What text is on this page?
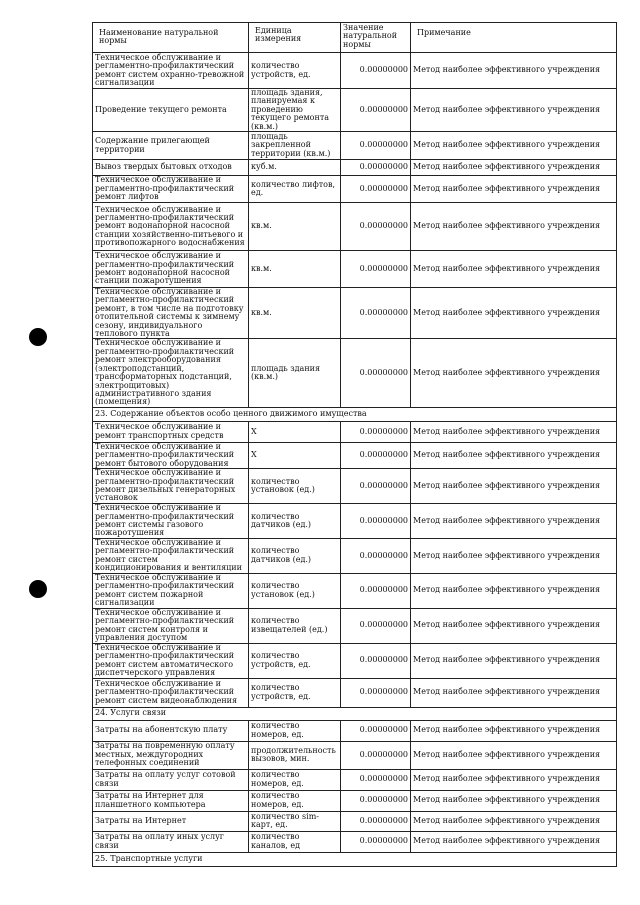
Наименование натуральной нормы	Единица измерения	Значение натуральной нормы	Примечание
Техническое обслуживание и регламентно-профилактический ремонт систем охранно-тревожной сигнализации	количество устройств, ед.	0.00000000	Метод наиболее эффективного учреждения
Проведение текущего ремонта	площадь здания, планируемая к проведению текущего ремонта (кв.м.)	0.00000000	Метод наиболее эффективного учреждения
Содержание прилегающей территории	площадь закрепленной территории (кв.м.)	0.00000000	Метод наиболее эффективного учреждения
Вывоз твердых бытовых отходов	куб.м.	0.00000000	Метод наиболее эффективного учреждения
Техническое обслуживание и регламентно-профилактический ремонт лифтов	количество лифтов, ед.	0.00000000	Метод наиболее эффективного учреждения
Техническое обслуживание и регламентно-профилактический ремонт водонапорной насосной станции хозяйственно-питьевого и противопожарного водоснабжения	кв.м.	0.00000000	Метод наиболее эффективного учреждения
Техническое обслуживание и регламентно-профилактический ремонт водонапорной насосной станции пожаротушения	кв.м.	0.00000000	Метод наиболее эффективного учреждения
Техническое обслуживание и регламентно-профилактический ремонт, в том числе на подготовку отопительной системы к зимнему сезону, индивидуального теплового пункта	кв.м.	0.00000000	Метод наиболее эффективного учреждения
Техническое обслуживание и регламентно-профилактический ремонт электрооборудования (электроподстанций, трансформаторных подстанций, электрощитовых) административного здания (помещения)	площадь здания (кв.м.)	0.00000000	Метод наиболее эффективного учреждения
23. Содержание объектов особо ценного движимого имущества			
Техническое обслуживание и ремонт транспортных средств	X	0.00000000	Метод наиболее эффективного учреждения
Техническое обслуживание и регламентно-профилактический ремонт бытового оборудования	X	0.00000000	Метод наиболее эффективного учреждения
Техническое обслуживание и регламентно-профилактический ремонт дизельных генераторных установок	количество установок (ед.)	0.00000000	Метод наиболее эффективного учреждения
Техническое обслуживание и регламентно-профилактический ремонт системы газового пожаротушения	количество датчиков (ед.)	0.00000000	Метод наиболее эффективного учреждения
Техническое обслуживание и регламентно-профилактический ремонт систем кондиционирования и вентиляции	количество датчиков (ед.)	0.00000000	Метод наиболее эффективного учреждения
Техническое обслуживание и регламентно-профилактический ремонт систем пожарной сигнализации	количество установок (ед.)	0.00000000	Метод наиболее эффективного учреждения
Техническое обслуживание и регламентно-профилактический ремонт систем контроля и управления доступом	количество извещателей (ед.)	0.00000000	Метод наиболее эффективного учреждения
Техническое обслуживание и регламентно-профилактический ремонт систем автоматического диспетчерского управления	количество устройств, ед.	0.00000000	Метод наиболее эффективного учреждения
Техническое обслуживание и регламентно-профилактический ремонт систем видеонаблюдения	количество устройств, ед.	0.00000000	Метод наиболее эффективного учреждения
24. Услуги связи			
Затраты на абонентскую плату	количество номеров, ед.	0.00000000	Метод наиболее эффективного учреждения
Затраты на повременную оплату местных, междугородних телефонных соединений	продолжительность вызовов, мин.	0.00000000	Метод наиболее эффективного учреждения
Затраты на оплату услуг сотовой связи	количество номеров, ед.	0.00000000	Метод наиболее эффективного учреждения
Затраты на Интернет для планшетного компьютера	количество номеров, ед.	0.00000000	Метод наиболее эффективного учреждения
Затраты на Интернет	количество sim-карт, ед.	0.00000000	Метод наиболее эффективного учреждения
Затраты на оплату иных услуг связи	количество каналов, ед	0.00000000	Метод наиболее эффективного учреждения
25. Транспортные услуги			
